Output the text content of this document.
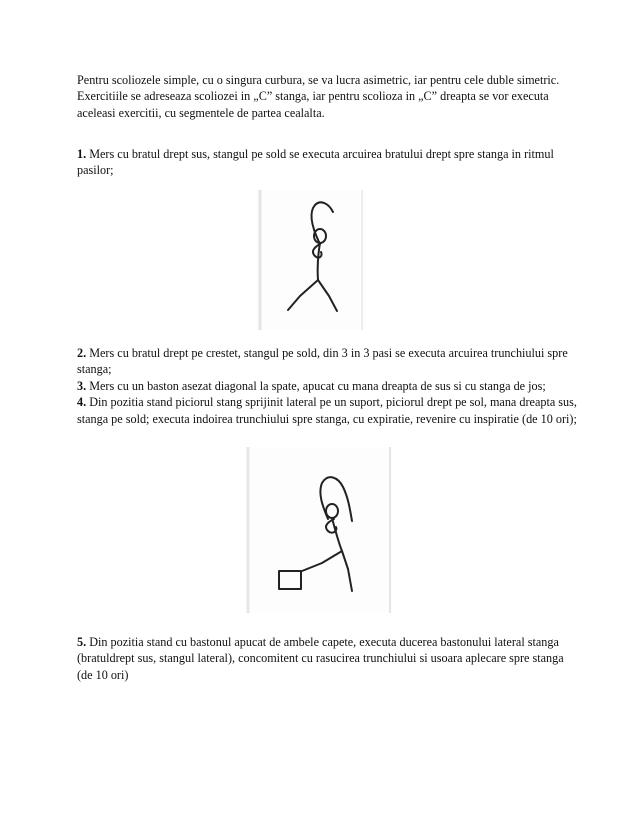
Pentru scoliozele simple, cu o singura curbura, se va lucra asimetric, iar pentru cele duble simetric.
Exercitiile se adreseaza scoliozei in „C” stanga, iar pentru scolioza in „C” dreapta se vor executa aceleasi exercitii, cu segmentele de partea cealalta.

1. Mers cu bratul drept sus, stangul pe sold se executa arcuirea bratului drept spre stanga in ritmul pasilor;

2. Mers cu bratul drept pe crestet, stangul pe sold, din 3 in 3 pasi se executa arcuirea trunchiului spre stanga;
3. Mers cu un baston asezat diagonal la spate, apucat cu mana dreapta de sus si cu stanga de jos;
4. Din pozitia stand piciorul stang sprijinit lateral pe un suport, piciorul drept pe sol, mana dreapta sus, stanga pe sold; executa indoirea trunchiului spre stanga, cu expiratie, revenire cu inspiratie (de 10 ori);

5. Din pozitia stand cu bastonul apucat de ambele capete, executa ducerea bastonului lateral stanga (bratuldrept sus, stangul lateral), concomitent cu rasucirea trunchiului si usoara aplecare spre stanga (de 10 ori)
